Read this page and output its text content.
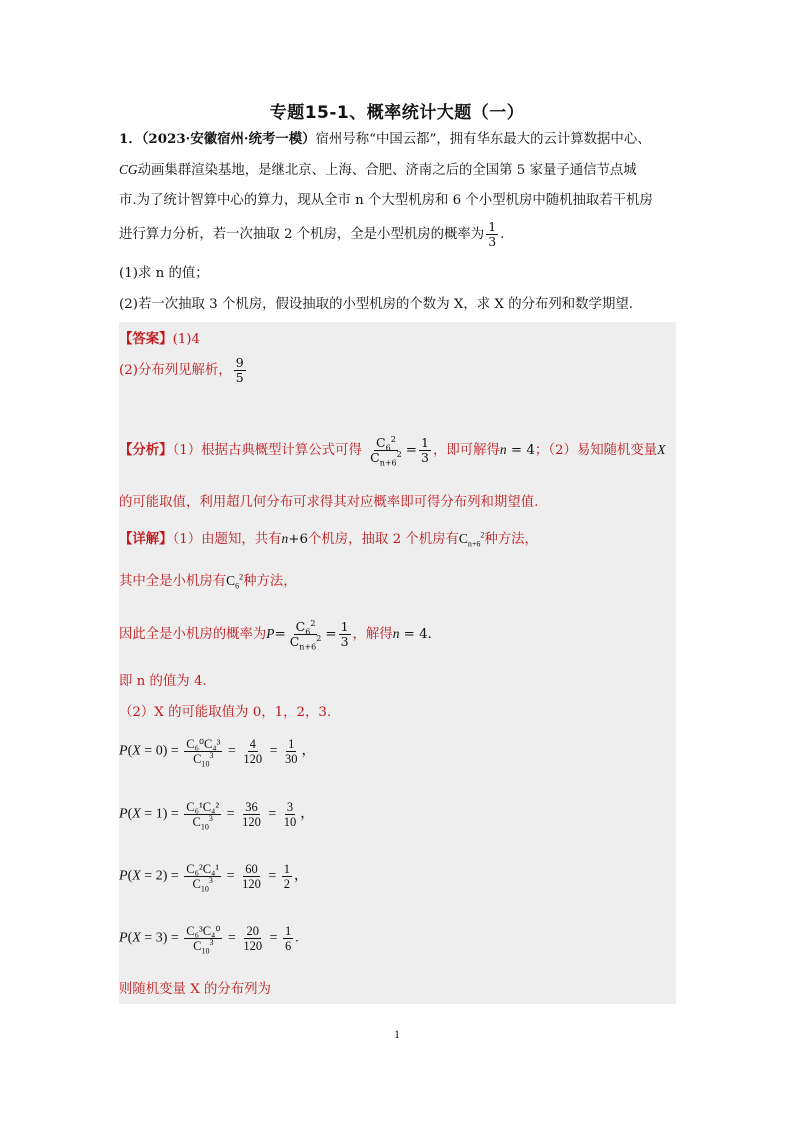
专题15-1、概率统计大题（一）
1．（2023·安徽宿州·统考一模）宿州号称“中国云都”，拥有华东最大的云计算数据中心、
CG动画集群渲染基地，是继北京、上海、合肥、济南之后的全国第 5 家量子通信节点城
市.为了统计智算中心的算力，现从全市 n 个大型机房和 6 个小型机房中随机抽取若干机房
进行算力分析，若一次抽取 2 个机房，全是小型机房的概率为 $\frac{1}{3}$ .
(1)求 n 的值；
(2)若一次抽取 3 个机房，假设抽取的小型机房的个数为 X，求 X 的分布列和数学期望.
【答案】(1)4
(2)分布列见解析， $\frac{9}{5}$
【分析】（1）根据古典概型计算公式可得 $\frac{C_6^2}{C_{n+6}^2} = \frac{1}{3}$ ，即可解得n = 4；（2）易知随机变量X
的可能取值，利用超几何分布可求得其对应概率即可得分布列和期望值.
【详解】（1）由题知，共有n+6个机房，抽取 2 个机房有$C_{n+6}^2$种方法，
其中全是小机房有$C_6^2$种方法，
因此全是小机房的概率为$P= \frac{C_6^2}{C_{n+6}^2} = \frac{1}{3}$ ，解得n = 4.
即 n 的值为 4.
（2）X 的可能取值为 0，1，2，3.
$P(X = 0) = \frac{\text{C₆⁰C₄³}}{C_{10}^3} = \frac{4}{120} = \frac{1}{30}$ ，
$P(X = 1) = \frac{\text{C₆¹C₄²}}{C_{10}^3} = \frac{36}{120} = \frac{3}{10}$ ，
$P(X = 2) = \frac{\text{C₆²C₄¹}}{C_{10}^3} = \frac{60}{120} = \frac{1}{2}$ ，
$P(X = 3) = \frac{\text{C₆³C₄⁰}}{C_{10}^3} = \frac{20}{120} = \frac{1}{6}$ .
则随机变量 X 的分布列为
1
